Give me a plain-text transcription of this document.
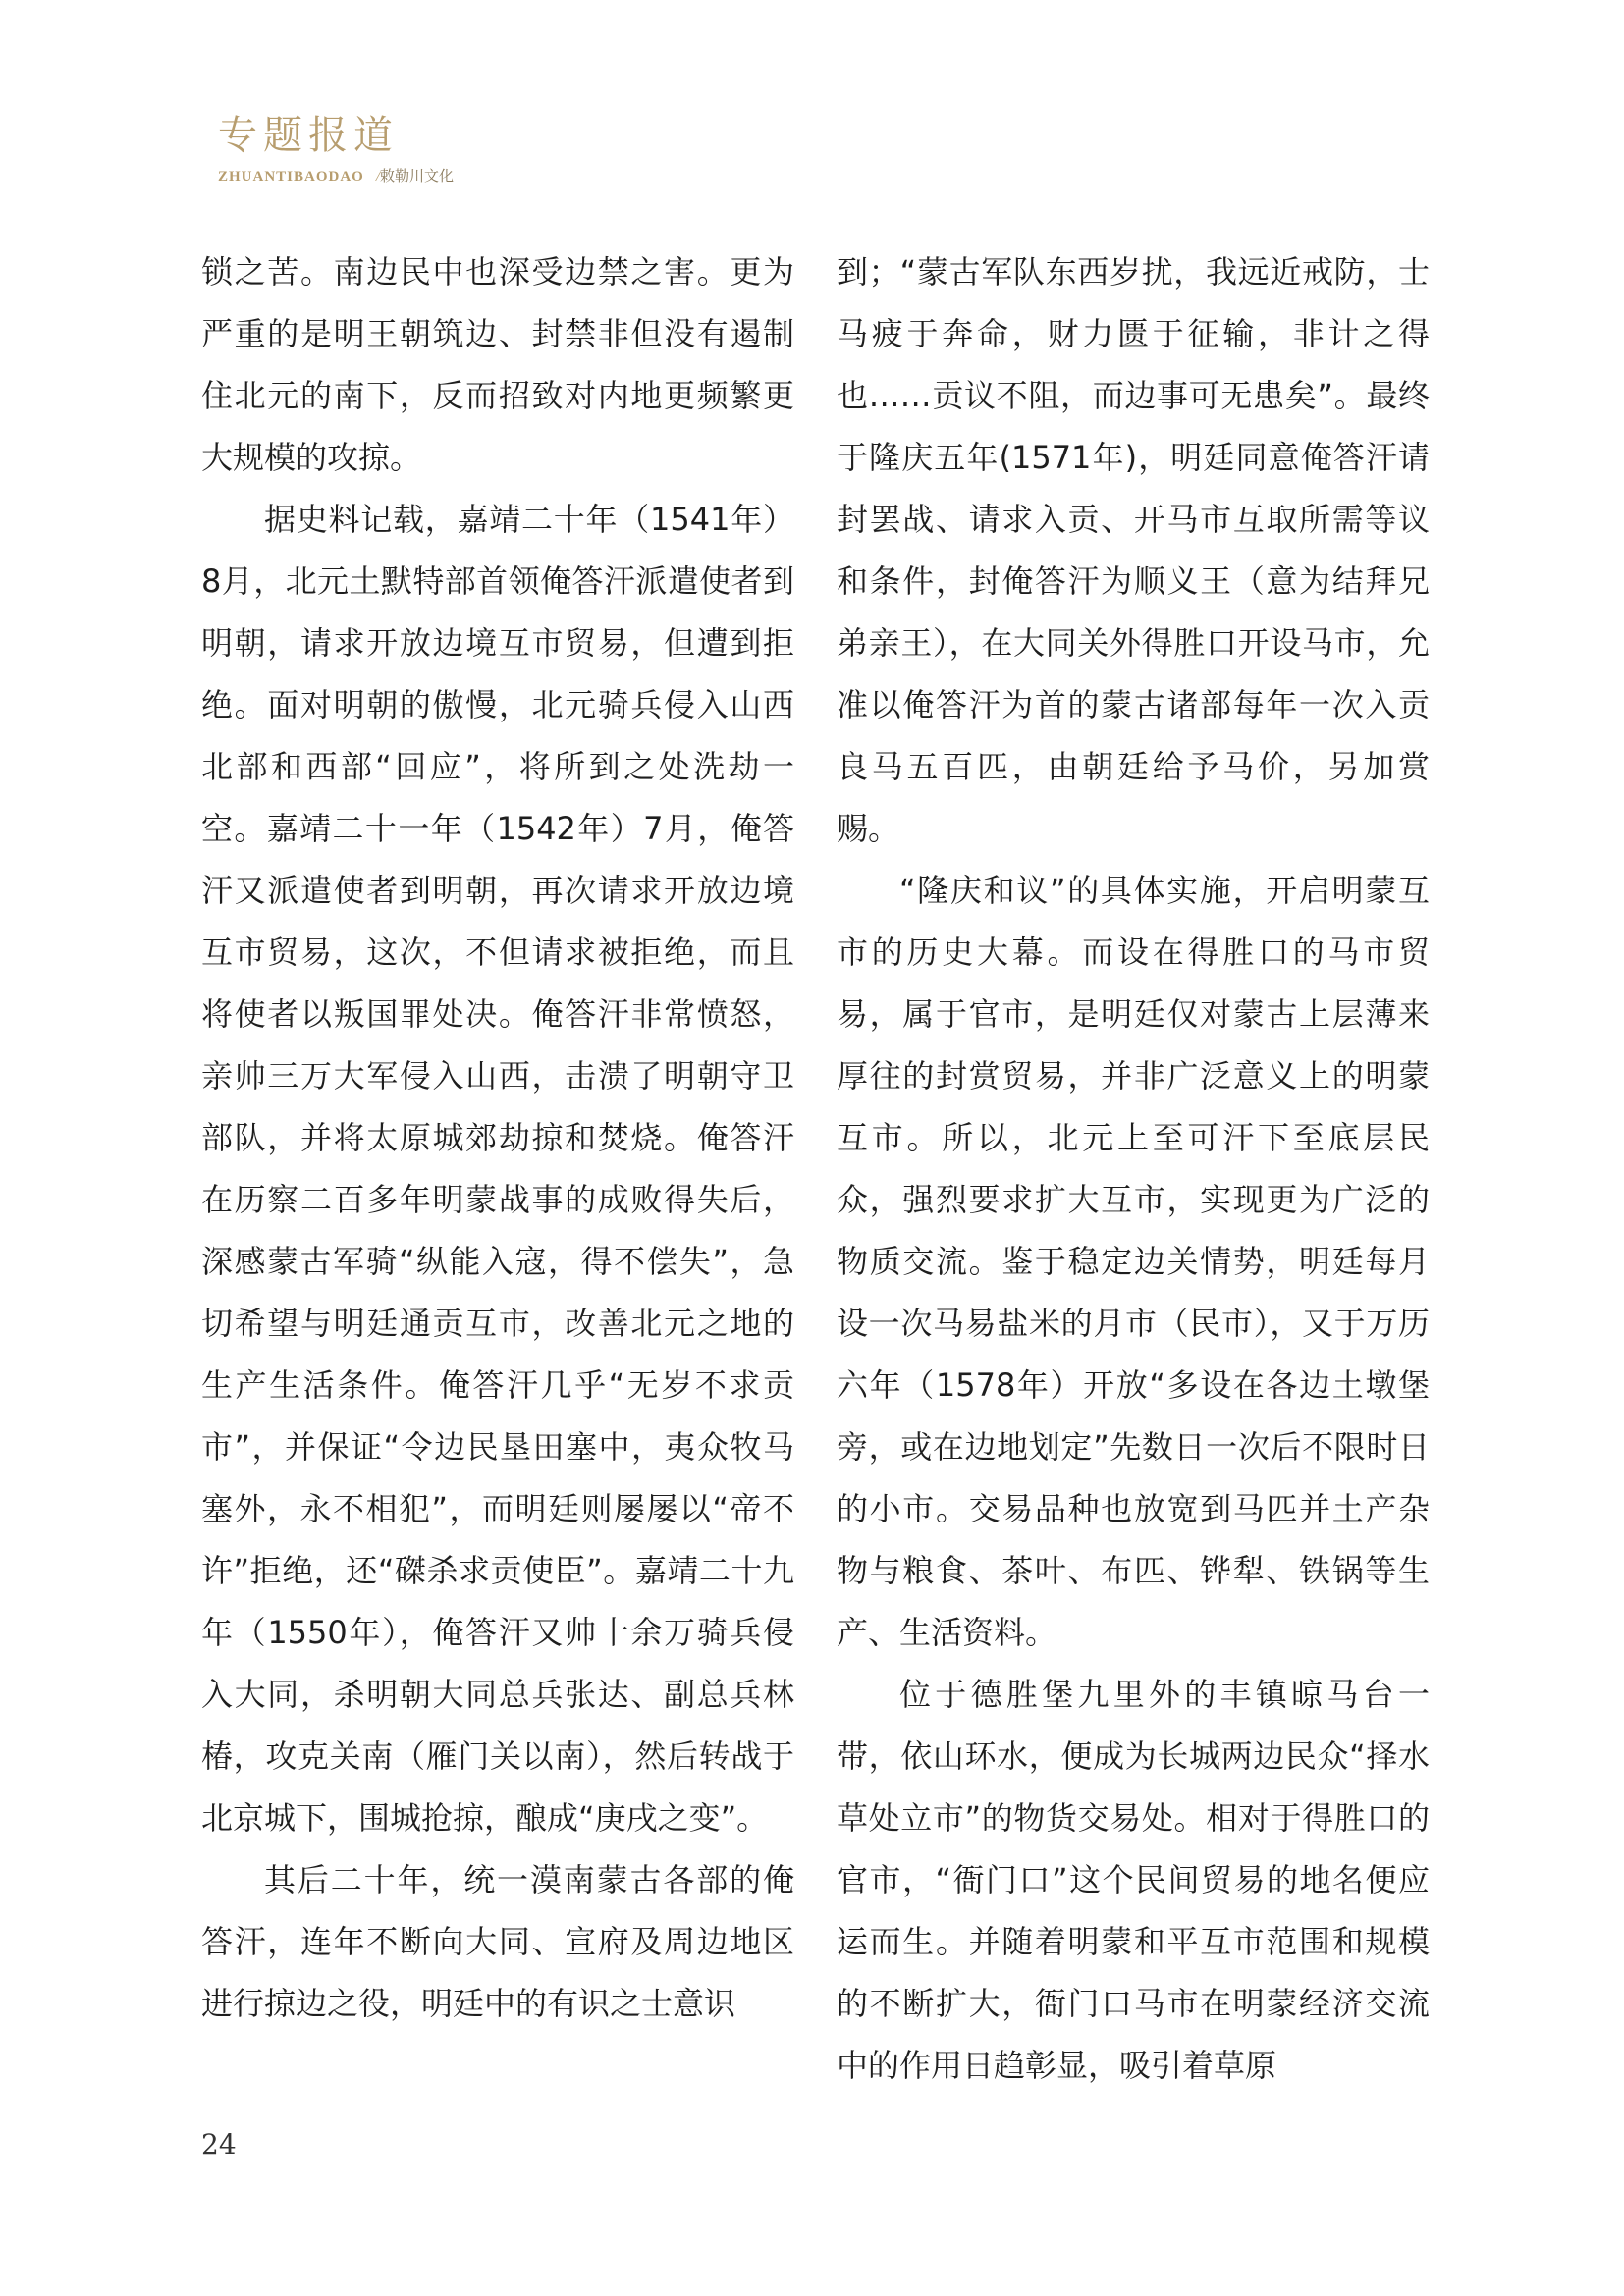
专题报道
ZHUANTIBAODAO /敕勒川文化

锁之苦。南边民中也深受边禁之害。更为严重的是明王朝筑边、封禁非但没有遏制住北元的南下，反而招致对内地更频繁更大规模的攻掠。

据史料记载，嘉靖二十年（1541年）8月，北元土默特部首领俺答汗派遣使者到明朝，请求开放边境互市贸易，但遭到拒绝。面对明朝的傲慢，北元骑兵侵入山西北部和西部“回应”，将所到之处洗劫一空。嘉靖二十一年（1542年）7月，俺答汗又派遣使者到明朝，再次请求开放边境互市贸易，这次，不但请求被拒绝，而且将使者以叛国罪处决。俺答汗非常愤怒，亲帅三万大军侵入山西，击溃了明朝守卫部队，并将太原城郊劫掠和焚烧。俺答汗在历察二百多年明蒙战事的成败得失后，深感蒙古军骑“纵能入寇，得不偿失”，急切希望与明廷通贡互市，改善北元之地的生产生活条件。俺答汗几乎“无岁不求贡市”，并保证“令边民垦田塞中，夷众牧马塞外，永不相犯”，而明廷则屡屡以“帝不许”拒绝，还“磔杀求贡使臣”。嘉靖二十九年（1550年），俺答汗又帅十余万骑兵侵入大同，杀明朝大同总兵张达、副总兵林椿，攻克关南（雁门关以南），然后转战于北京城下，围城抢掠，酿成“庚戌之变”。

其后二十年，统一漠南蒙古各部的俺答汗，连年不断向大同、宣府及周边地区进行掠边之役，明廷中的有识之士意识

到；“蒙古军队东西岁扰，我远近戒防，士马疲于奔命，财力匮于征输，非计之得也……贡议不阻，而边事可无患矣”。最终于隆庆五年(1571年)，明廷同意俺答汗请封罢战、请求入贡、开马市互取所需等议和条件，封俺答汗为顺义王（意为结拜兄弟亲王），在大同关外得胜口开设马市，允准以俺答汗为首的蒙古诸部每年一次入贡良马五百匹，由朝廷给予马价，另加赏赐。

“隆庆和议”的具体实施，开启明蒙互市的历史大幕。而设在得胜口的马市贸易，属于官市，是明廷仅对蒙古上层薄来厚往的封赏贸易，并非广泛意义上的明蒙互市。所以，北元上至可汗下至底层民众，强烈要求扩大互市，实现更为广泛的物质交流。鉴于稳定边关情势，明廷每月设一次马易盐米的月市（民市），又于万历六年（1578年）开放“多设在各边土墩堡旁，或在边地划定”先数日一次后不限时日的小市。交易品种也放宽到马匹并土产杂物与粮食、茶叶、布匹、铧犁、铁锅等生产、生活资料。

位于德胜堡九里外的丰镇晾马台一带，依山环水，便成为长城两边民众“择水草处立市”的物货交易处。相对于得胜口的官市，“衙门口”这个民间贸易的地名便应运而生。并随着明蒙和平互市范围和规模的不断扩大，衙门口马市在明蒙经济交流中的作用日趋彰显，吸引着草原

24
